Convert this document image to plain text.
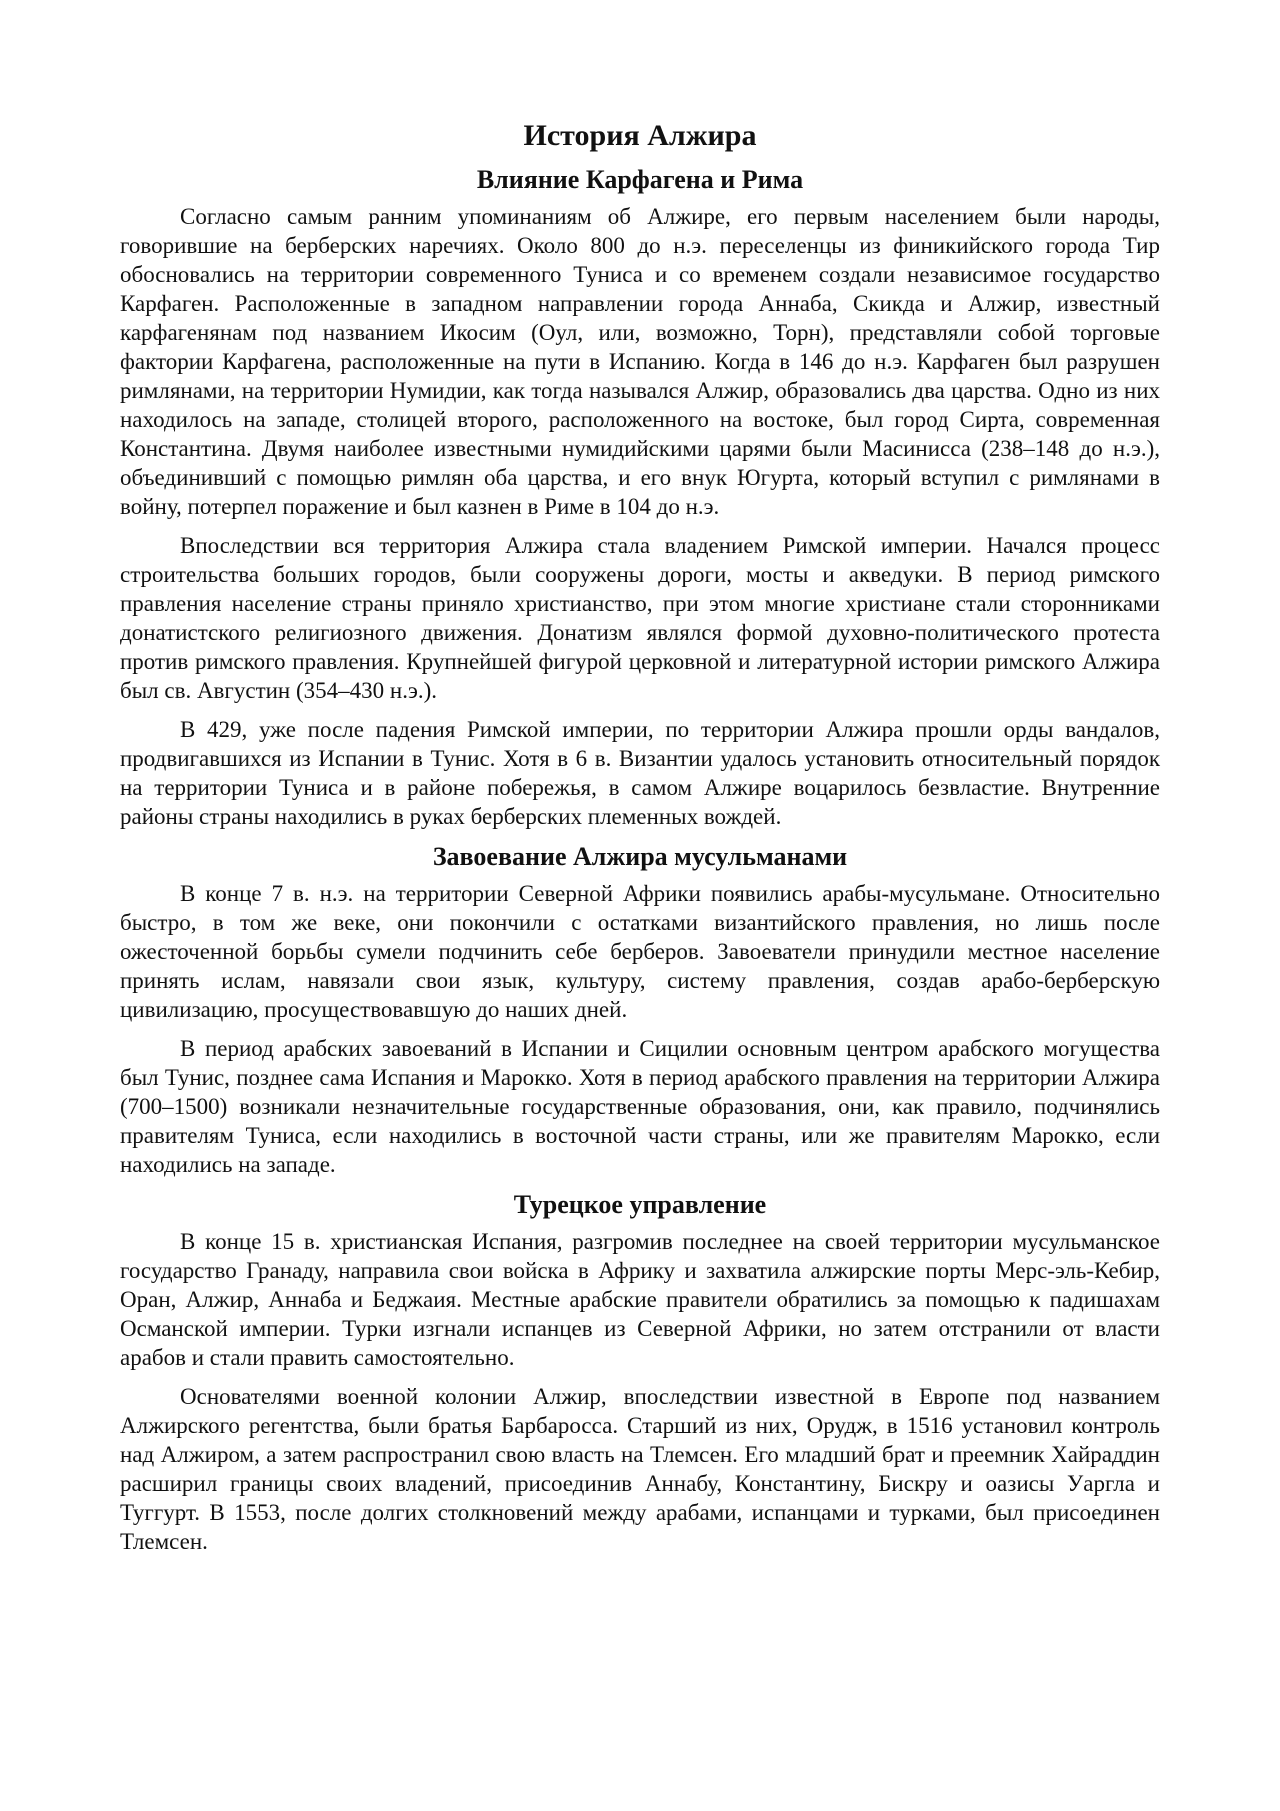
История Алжира
Влияние Карфагена и Рима

Согласно самым ранним упоминаниям об Алжире, его первым населением были народы, говорившие на берберских наречиях. Около 800 до н.э. переселенцы из финикийского города Тир обосновались на территории современного Туниса и со временем создали независимое государство Карфаген. Расположенные в западном направлении города Аннаба, Скикда и Алжир, известный карфагенянам под названием Икосим (Оул, или, возможно, Торн), представляли собой торговые фактории Карфагена, расположенные на пути в Испанию. Когда в 146 до н.э. Карфаген был разрушен римлянами, на территории Нумидии, как тогда назывался Алжир, образовались два царства. Одно из них находилось на западе, столицей второго, расположенного на востоке, был город Сирта, современная Константина. Двумя наиболее известными нумидийскими царями были Масинисса (238–148 до н.э.), объединивший с помощью римлян оба царства, и его внук Югурта, который вступил с римлянами в войну, потерпел поражение и был казнен в Риме в 104 до н.э.

Впоследствии вся территория Алжира стала владением Римской империи. Начался процесс строительства больших городов, были сооружены дороги, мосты и акведуки. В период римского правления население страны приняло христианство, при этом многие христиане стали сторонниками донатистского религиозного движения. Донатизм являлся формой духовно-политического протеста против римского правления. Крупнейшей фигурой церковной и литературной истории римского Алжира был св. Августин (354–430 н.э.).

В 429, уже после падения Римской империи, по территории Алжира прошли орды вандалов, продвигавшихся из Испании в Тунис. Хотя в 6 в. Византии удалось установить относительный порядок на территории Туниса и в районе побережья, в самом Алжире воцарилось безвластие. Внутренние районы страны находились в руках берберских племенных вождей.

Завоевание Алжира мусульманами

В конце 7 в. н.э. на территории Северной Африки появились арабы-мусульмане. Относительно быстро, в том же веке, они покончили с остатками византийского правления, но лишь после ожесточенной борьбы сумели подчинить себе берберов. Завоеватели принудили местное население принять ислам, навязали свои язык, культуру, систему правления, создав арабо-берберскую цивилизацию, просуществовавшую до наших дней.

В период арабских завоеваний в Испании и Сицилии основным центром арабского могущества был Тунис, позднее сама Испания и Марокко. Хотя в период арабского правления на территории Алжира (700–1500) возникали незначительные государственные образования, они, как правило, подчинялись правителям Туниса, если находились в восточной части страны, или же правителям Марокко, если находились на западе.

Турецкое управление

В конце 15 в. христианская Испания, разгромив последнее на своей территории мусульманское государство Гранаду, направила свои войска в Африку и захватила алжирские порты Мерс-эль-Кебир, Оран, Алжир, Аннаба и Беджаия. Местные арабские правители обратились за помощью к падишахам Османской империи. Турки изгнали испанцев из Северной Африки, но затем отстранили от власти арабов и стали править самостоятельно.

Основателями военной колонии Алжир, впоследствии известной в Европе под названием Алжирского регентства, были братья Барбаросса. Старший из них, Орудж, в 1516 установил контроль над Алжиром, а затем распространил свою власть на Тлемсен. Его младший брат и преемник Хайраддин расширил границы своих владений, присоединив Аннабу, Константину, Бискру и оазисы Уаргла и Туггурт. В 1553, после долгих столкновений между арабами, испанцами и турками, был присоединен Тлемсен.
